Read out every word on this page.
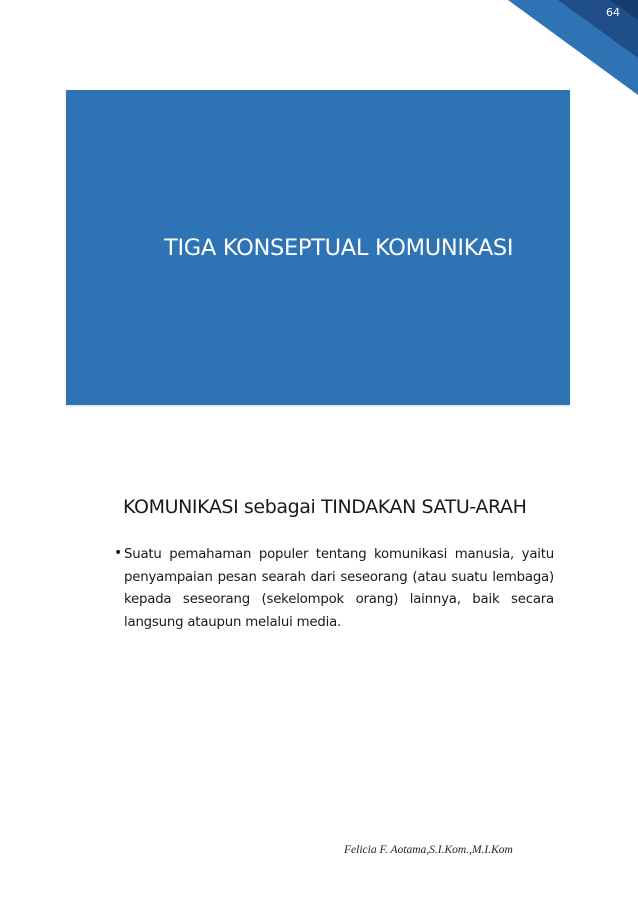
64
TIGA KONSEPTUAL KOMUNIKASI
KOMUNIKASI sebagai TINDAKAN SATU-ARAH
• Suatu pemahaman populer tentang komunikasi manusia, yaitu penyampaian pesan searah dari seseorang (atau suatu lembaga) kepada seseorang (sekelompok orang) lainnya, baik secara langsung ataupun melalui media.
Felicia F. Aotama,S.I.Kom.,M.I.Kom
